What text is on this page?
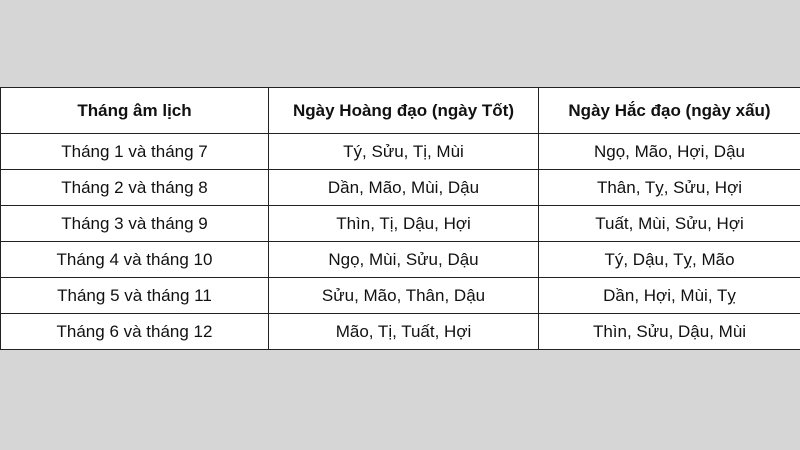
Tháng âm lịch	Ngày Hoàng đạo (ngày Tốt)	Ngày Hắc đạo (ngày xấu)
Tháng 1 và tháng 7	Tý, Sửu, Tị, Mùi	Ngọ, Mão, Hợi, Dậu
Tháng 2 và tháng 8	Dần, Mão, Mùi, Dậu	Thân, Tỵ, Sửu, Hợi
Tháng 3 và tháng 9	Thìn, Tị, Dậu, Hợi	Tuất, Mùi, Sửu, Hợi
Tháng 4 và tháng 10	Ngọ, Mùi, Sửu, Dậu	Tý, Dậu, Tỵ, Mão
Tháng 5 và tháng 11	Sửu, Mão, Thân, Dậu	Dần, Hợi, Mùi, Tỵ
Tháng 6 và tháng 12	Mão, Tị, Tuất, Hợi	Thìn, Sửu, Dậu, Mùi
